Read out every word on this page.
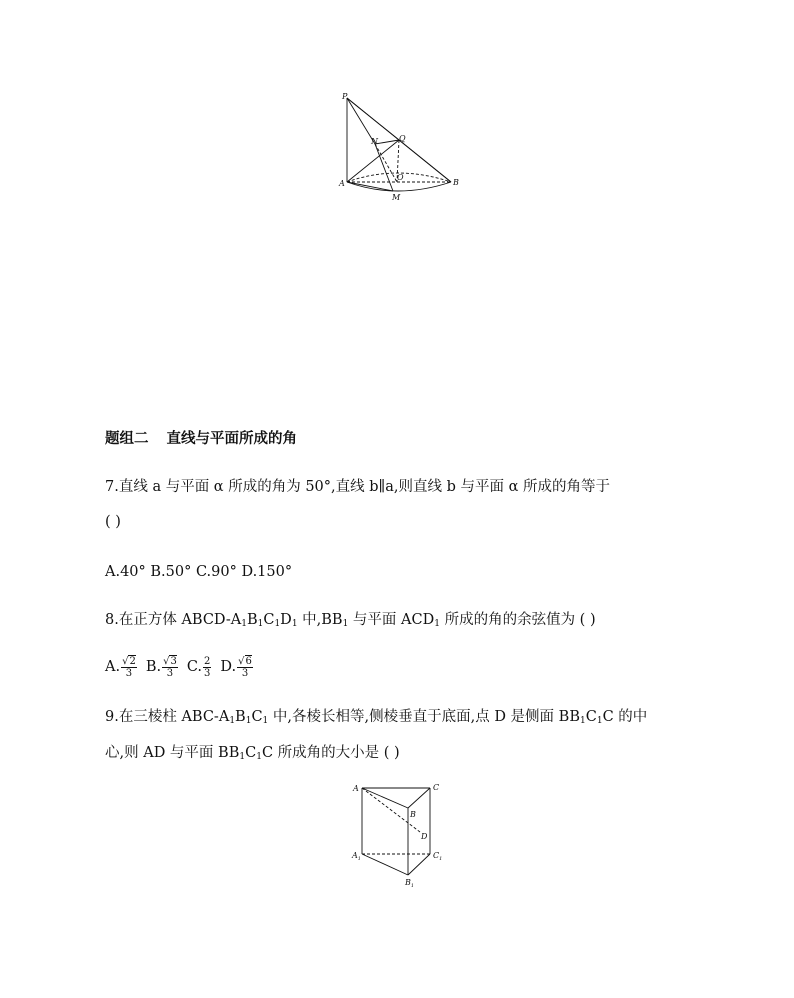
P
N	Q
O
A	B
M
题组二 直线与平面所成的角
7.直线 a 与平面 α 所成的角为 50°,直线 b∥a,则直线 b 与平面 α 所成的角等于
( )
A.40° B.50° C.90° D.150°
8.在正方体 ABCD-$A_1B_1C_1D_1$ 中$,BB_1$ 与平面 $ACD_1$ 所成的角的余弦值为 ( )
A. $\frac{√2}{3} B$. $\frac{√3}{3} C$. $\frac{2}{3} D$. $\frac{√6}{3}$
9.在三棱柱 ABC-$A_1B_1C_1$ 中,各棱长相等,侧棱垂直于底面,点 D 是侧面 $BB_1C_1C$ 的中
心,则 AD 与平面 $BB_1C_1C$ 所成角的大小是 ( )
A	C
B
D
$A_1$	$C_1$
$B_1$
